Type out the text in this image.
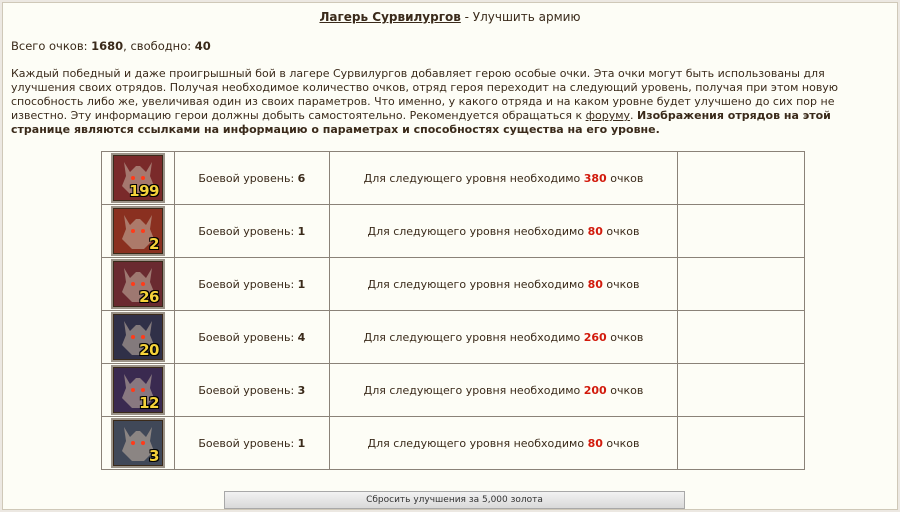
Лагерь Сурвилургов - Улучшить армию
Всего очков: 1680, свободно: 40
Каждый победный и даже проигрышный бой в лагере Сурвилургов добавляет герою особые очки. Эта очки могут быть использованы для улучшения своих отрядов. Получая необходимое количество очков, отряд героя переходит на следующий уровень, получая при этом новую способность либо же, увеличивая один из своих параметров. Что именно, у какого отряда и на каком уровне будет улучшено до сих пор не известно. Эту информацию герои должны добыть самостоятельно. Рекомендуется обращаться к форуму. Изображения отрядов на этой странице являются ссылками на информацию о параметрах и способностях существа на его уровне.
199	Боевой уровень: 6	Для следующего уровня необходимо 380 очков	

2	Боевой уровень: 1	Для следующего уровня необходимо 80 очков	

26	Боевой уровень: 1	Для следующего уровня необходимо 80 очков	

20	Боевой уровень: 4	Для следующего уровня необходимо 260 очков	

12	Боевой уровень: 3	Для следующего уровня необходимо 200 очков	

3	Боевой уровень: 1	Для следующего уровня необходимо 80 очков	
Сбросить улучшения за 5,000 золота
